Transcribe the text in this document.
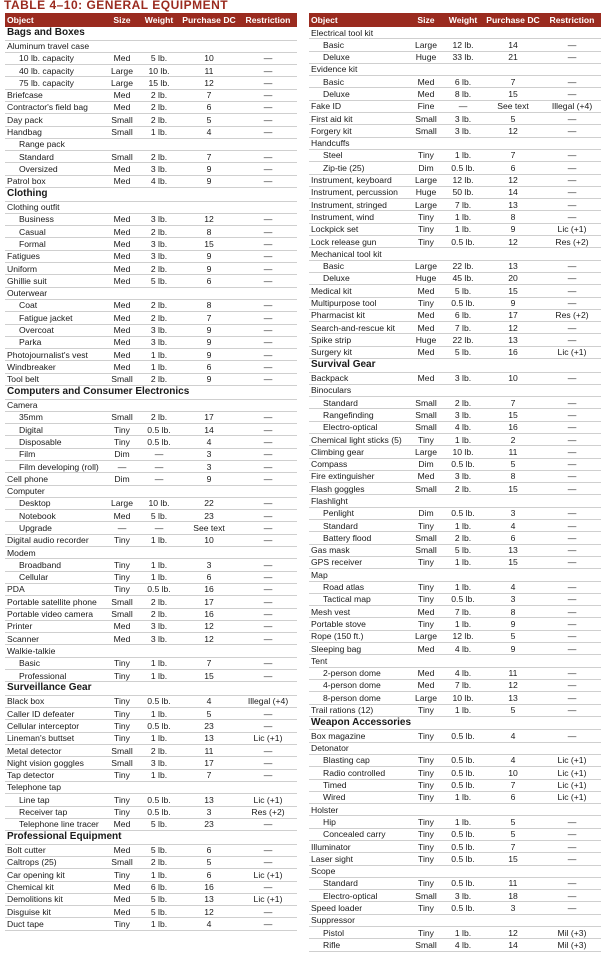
TABLE 4–10: GENERAL EQUIPMENT
Object	Size	Weight	Purchase DC	Restriction
Bags and Boxes				
Aluminum travel case				
10 lb. capacity	Med	5 lb.	10	—
40 lb. capacity	Large	10 lb.	11	—
75 lb. capacity	Large	15 lb.	12	—
Briefcase	Med	2 lb.	7	—
Contractor's field bag	Med	2 lb.	6	—
Day pack	Small	2 lb.	5	—
Handbag	Small	1 lb.	4	—
Range pack				
Standard	Small	2 lb.	7	—
Oversized	Med	3 lb.	9	—
Patrol box	Med	4 lb.	9	—
Clothing				
Clothing outfit				
Business	Med	3 lb.	12	—
Casual	Med	2 lb.	8	—
Formal	Med	3 lb.	15	—
Fatigues	Med	3 lb.	9	—
Uniform	Med	2 lb.	9	—
Ghillie suit	Med	5 lb.	6	—
Outerwear				
Coat	Med	2 lb.	8	—
Fatigue jacket	Med	2 lb.	7	—
Overcoat	Med	3 lb.	9	—
Parka	Med	3 lb.	9	—
Photojournalist's vest	Med	1 lb.	9	—
Windbreaker	Med	1 lb.	6	—
Tool belt	Small	2 lb.	9	—
Computers and Consumer Electronics				
Camera				
35mm	Small	2 lb.	17	—
Digital	Tiny	0.5 lb.	14	—
Disposable	Tiny	0.5 lb.	4	—
Film	Dim	—	3	—
Film developing (roll)	—	—	3	—
Cell phone	Dim	—	9	—
Computer				
Desktop	Large	10 lb.	22	—
Notebook	Med	5 lb.	23	—
Upgrade	—	—	See text	—
Digital audio recorder	Tiny	1 lb.	10	—
Modem				
Broadband	Tiny	1 lb.	3	—
Cellular	Tiny	1 lb.	6	—
PDA	Tiny	0.5 lb.	16	—
Portable satellite phone	Small	2 lb.	17	—
Portable video camera	Small	2 lb.	16	—
Printer	Med	3 lb.	12	—
Scanner	Med	3 lb.	12	—
Walkie-talkie				
Basic	Tiny	1 lb.	7	—
Professional	Tiny	1 lb.	15	—
Surveillance Gear				
Black box	Tiny	0.5 lb.	4	Illegal (+4)
Caller ID defeater	Tiny	1 lb.	5	—
Cellular interceptor	Tiny	0.5 lb.	23	—
Lineman's buttset	Tiny	1 lb.	13	Lic (+1)
Metal detector	Small	2 lb.	11	—
Night vision goggles	Small	3 lb.	17	—
Tap detector	Tiny	1 lb.	7	—
Telephone tap				
Line tap	Tiny	0.5 lb.	13	Lic (+1)
Receiver tap	Tiny	0.5 lb.	3	Res (+2)
Telephone line tracer	Med	5 lb.	23	—
Professional Equipment				
Bolt cutter	Med	5 lb.	6	—
Caltrops (25)	Small	2 lb.	5	—
Car opening kit	Tiny	1 lb.	6	Lic (+1)
Chemical kit	Med	6 lb.	16	—
Demolitions kit	Med	5 lb.	13	Lic (+1)
Disguise kit	Med	5 lb.	12	—
Duct tape	Tiny	1 lb.	4	—
Object	Size	Weight	Purchase DC	Restriction
Electrical tool kit				
Basic	Large	12 lb.	14	—
Deluxe	Huge	33 lb.	21	—
Evidence kit				
Basic	Med	6 lb.	7	—
Deluxe	Med	8 lb.	15	—
Fake ID	Fine	—	See text	Illegal (+4)
First aid kit	Small	3 lb.	5	—
Forgery kit	Small	3 lb.	12	—
Handcuffs				
Steel	Tiny	1 lb.	7	—
Zip-tie (25)	Dim	0.5 lb.	6	—
Instrument, keyboard	Large	12 lb.	12	—
Instrument, percussion	Huge	50 lb.	14	—
Instrument, stringed	Large	7 lb.	13	—
Instrument, wind	Tiny	1 lb.	8	—
Lockpick set	Tiny	1 lb.	9	Lic (+1)
Lock release gun	Tiny	0.5 lb.	12	Res (+2)
Mechanical tool kit				
Basic	Large	22 lb.	13	—
Deluxe	Huge	45 lb.	20	—
Medical kit	Med	5 lb.	15	—
Multipurpose tool	Tiny	0.5 lb.	9	—
Pharmacist kit	Med	6 lb.	17	Res (+2)
Search-and-rescue kit	Med	7 lb.	12	—
Spike strip	Huge	22 lb.	13	—
Surgery kit	Med	5 lb.	16	Lic (+1)
Survival Gear				
Backpack	Med	3 lb.	10	—
Binoculars				
Standard	Small	2 lb.	7	—
Rangefinding	Small	3 lb.	15	—
Electro-optical	Small	4 lb.	16	—
Chemical light sticks (5)	Tiny	1 lb.	2	—
Climbing gear	Large	10 lb.	11	—
Compass	Dim	0.5 lb.	5	—
Fire extinguisher	Med	3 lb.	8	—
Flash goggles	Small	2 lb.	15	—
Flashlight				
Penlight	Dim	0.5 lb.	3	—
Standard	Tiny	1 lb.	4	—
Battery flood	Small	2 lb.	6	—
Gas mask	Small	5 lb.	13	—
GPS receiver	Tiny	1 lb.	15	—
Map				
Road atlas	Tiny	1 lb.	4	—
Tactical map	Tiny	0.5 lb.	3	—
Mesh vest	Med	7 lb.	8	—
Portable stove	Tiny	1 lb.	9	—
Rope (150 ft.)	Large	12 lb.	5	—
Sleeping bag	Med	4 lb.	9	—
Tent				
2-person dome	Med	4 lb.	11	—
4-person dome	Med	7 lb.	12	—
8-person dome	Large	10 lb.	13	—
Trail rations (12)	Tiny	1 lb.	5	—
Weapon Accessories				
Box magazine	Tiny	0.5 lb.	4	—
Detonator				
Blasting cap	Tiny	0.5 lb.	4	Lic (+1)
Radio controlled	Tiny	0.5 lb.	10	Lic (+1)
Timed	Tiny	0.5 lb.	7	Lic (+1)
Wired	Tiny	1 lb.	6	Lic (+1)
Holster				
Hip	Tiny	1 lb.	5	—
Concealed carry	Tiny	0.5 lb.	5	—
Illuminator	Tiny	0.5 lb.	7	—
Laser sight	Tiny	0.5 lb.	15	—
Scope				
Standard	Tiny	0.5 lb.	11	—
Electro-optical	Small	3 lb.	18	—
Speed loader	Tiny	0.5 lb.	3	—
Suppressor				
Pistol	Tiny	1 lb.	12	Mil (+3)
Rifle	Small	4 lb.	14	Mil (+3)
